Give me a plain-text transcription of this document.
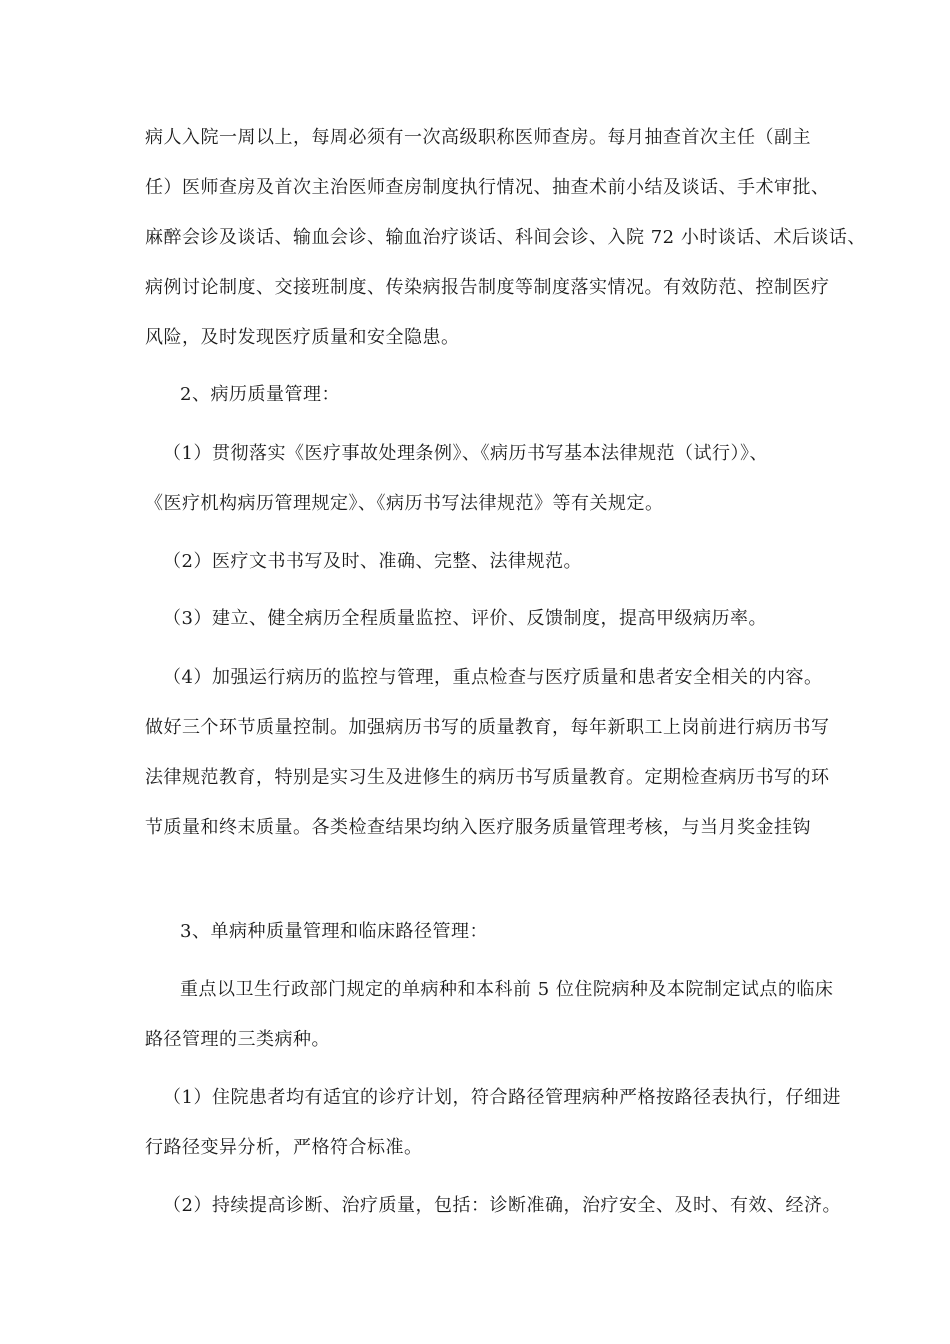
病人入院一周以上，每周必须有一次高级职称医师查房。每月抽查首次主任（副主
任）医师查房及首次主治医师查房制度执行情况、抽查术前小结及谈话、手术审批、
麻醉会诊及谈话、输血会诊、输血治疗谈话、科间会诊、入院 72 小时谈话、术后谈话、
病例讨论制度、交接班制度、传染病报告制度等制度落实情况。有效防范、控制医疗
风险，及时发现医疗质量和安全隐患。
2、病历质量管理：
（1）贯彻落实《医疗事故处理条例》、《病历书写基本法律规范（试行）》、
《医疗机构病历管理规定》、《病历书写法律规范》等有关规定。
（2）医疗文书书写及时、准确、完整、法律规范。
（3）建立、健全病历全程质量监控、评价、反馈制度，提高甲级病历率。
（4）加强运行病历的监控与管理，重点检查与医疗质量和患者安全相关的内容。
做好三个环节质量控制。加强病历书写的质量教育，每年新职工上岗前进行病历书写
法律规范教育，特别是实习生及进修生的病历书写质量教育。定期检查病历书写的环
节质量和终末质量。各类检查结果均纳入医疗服务质量管理考核，与当月奖金挂钩
3、单病种质量管理和临床路径管理：
重点以卫生行政部门规定的单病种和本科前 5 位住院病种及本院制定试点的临床
路径管理的三类病种。
（1）住院患者均有适宜的诊疗计划，符合路径管理病种严格按路径表执行，仔细进
行路径变异分析，严格符合标准。
（2）持续提高诊断、治疗质量，包括：诊断准确，治疗安全、及时、有效、经济。
